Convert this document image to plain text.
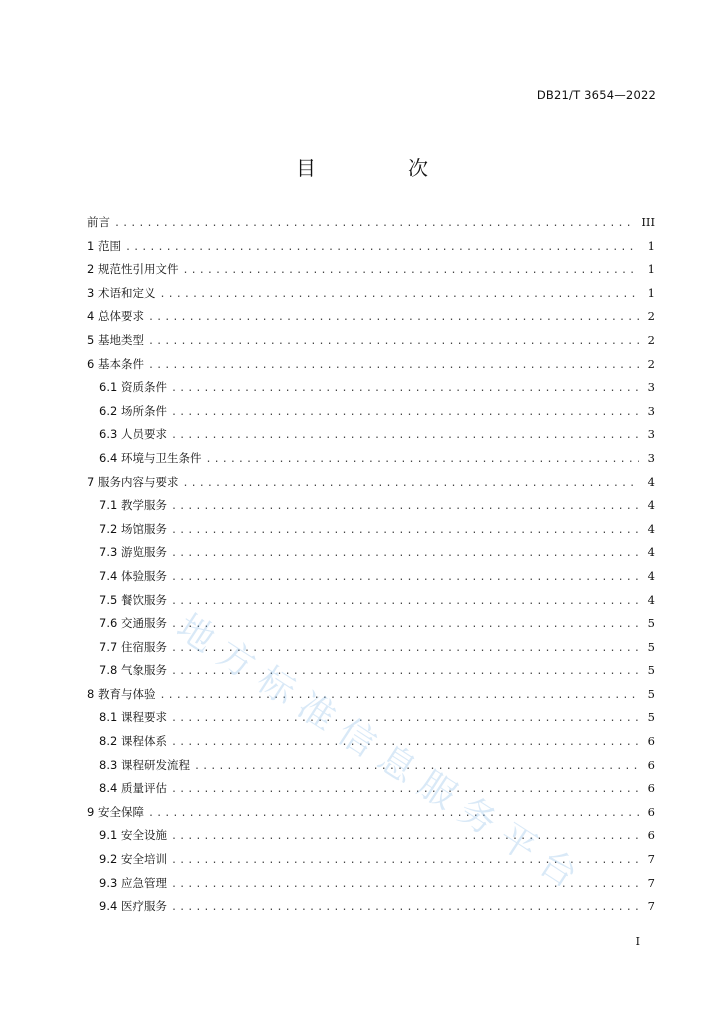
DB21/T 3654—2022
目　次
前言 .....	III
1 范围 .....	1
2 规范性引用文件 .....	1
3 术语和定义 .....	1
4 总体要求 .....	2
5 基地类型 .....	2
6 基本条件 .....	2
6.1 资质条件 .....	3
6.2 场所条件 .....	3
6.3 人员要求 .....	3
6.4 环境与卫生条件 .....	3
7 服务内容与要求 .....	4
7.1 教学服务 .....	4
7.2 场馆服务 .....	4
7.3 游览服务 .....	4
7.4 体验服务 .....	4
7.5 餐饮服务 .....	4
7.6 交通服务 .....	5
7.7 住宿服务 .....	5
7.8 气象服务 .....	5
8 教育与体验 .....	5
8.1 课程要求 .....	5
8.2 课程体系 .....	6
8.3 课程研发流程 .....	6
8.4 质量评估 .....	6
9 安全保障 .....	6
9.1 安全设施 .....	6
9.2 安全培训 .....	7
9.3 应急管理 .....	7
9.4 医疗服务 .....	7
地方标准信息服务平台
I
